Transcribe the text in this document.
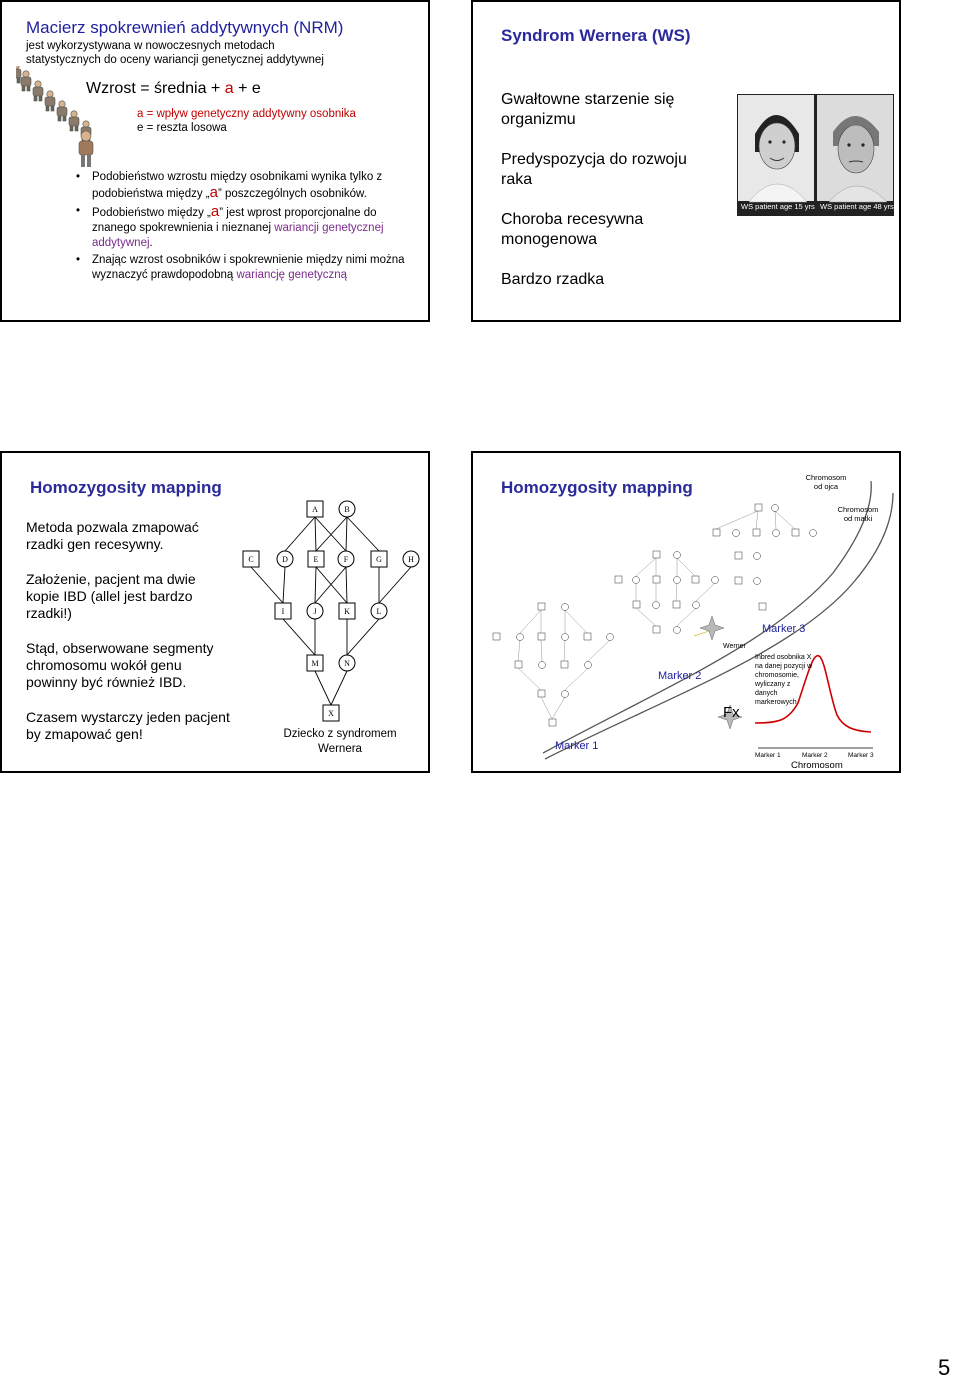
Macierz spokrewnień addytywnych (NRM)
jest wykorzystywana w nowoczesnych metodach
statystycznych do oceny wariancji genetycznej addytywnej
Wzrost = średnia + a + e
a = wpływ genetyczny addytywny osobnika
e = reszta losowa
• Podobieństwo wzrostu między osobnikami wynika tylko z
podobieństwa między „a” poszczególnych osobników.
• Podobieństwo między „a” jest wprost proporcjonalne do znanego spokrewnienia i nieznanej wariancji genetycznej addytywnej.
• Znając wzrost osobników i spokrewnienie między nimi można wyznaczyć prawdopodobną wariancję genetyczną
Syndrom Wernera (WS)
Gwałtowne starzenie się organizmu
Predyspozycja do rozwoju raka
Choroba recesywna monogenowa
Bardzo rzadka
WS patient age 15 yrs WS patient age 48 yrs
Homozygosity mapping
Metoda pozwala zmapować rzadki gen recesywny.
Założenie, pacjent ma dwie kopie IBD (allel jest bardzo rzadki!)
Stąd, obserwowane segmenty chromosomu wokół genu powinny być również IBD.
Czasem wystarczy jeden pacjent by zmapować gen!
A	B
C	D	E	F	G	H
I	J	K	L
M	N
X
Dziecko z syndromem Wernera
Homozygosity mapping
Chromosom od ojca
Chromosom od matki
Marker 1
Marker 2
Marker 3
Werner
Fx
Inbred osobnika X na danej pozycji w chromosomie, wyliczany z danych markerowych
Marker 1	Marker 2	Marker 3
Chromosom
5
